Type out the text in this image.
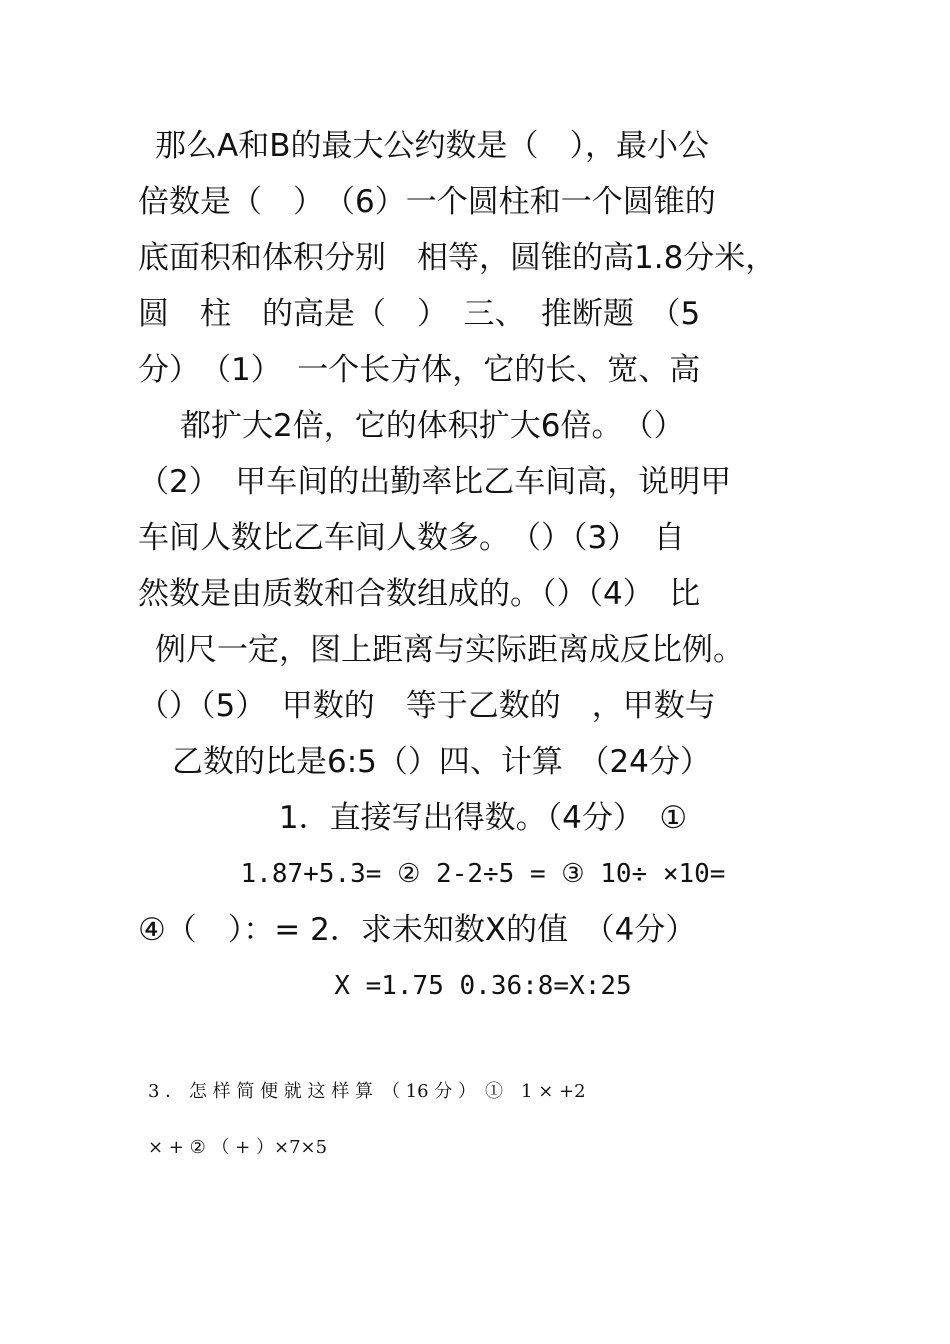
那么A和B的最大公约数是（　），最小公
倍数是（　）　（6）一个圆柱和一个圆锥的
底面积和体积分别　相等，圆锥的高1.8分米，
圆　柱　的高是（　）　三、　推断题　（5
分）　（1）　一个长方体，它的长、宽、高
都扩大2倍，它的体积扩大6倍。　（）
（2）　甲车间的出勤率比乙车间高，说明甲
车间人数比乙车间人数多。　（）（3）　自
然数是由质数和合数组成的。（）（4）　比
例尺一定，图上距离与实际距离成反比例。
（）（5）　甲数的　等于乙数的　，甲数与
乙数的比是6:5（）四、计算　（24分）
1．直接写出得数。（4分）　①
1.87+5.3= ② 2-2÷5 = ③ 10÷ ×10=
④（　）：= 2．求未知数X的值　（4分）
X =1.75 0.36:8=X:25
3 ． 怎 样 简 便 就 这 样 算　（ 16 分 ）　①　1 × +2
× + ② （ + ）×7×5
